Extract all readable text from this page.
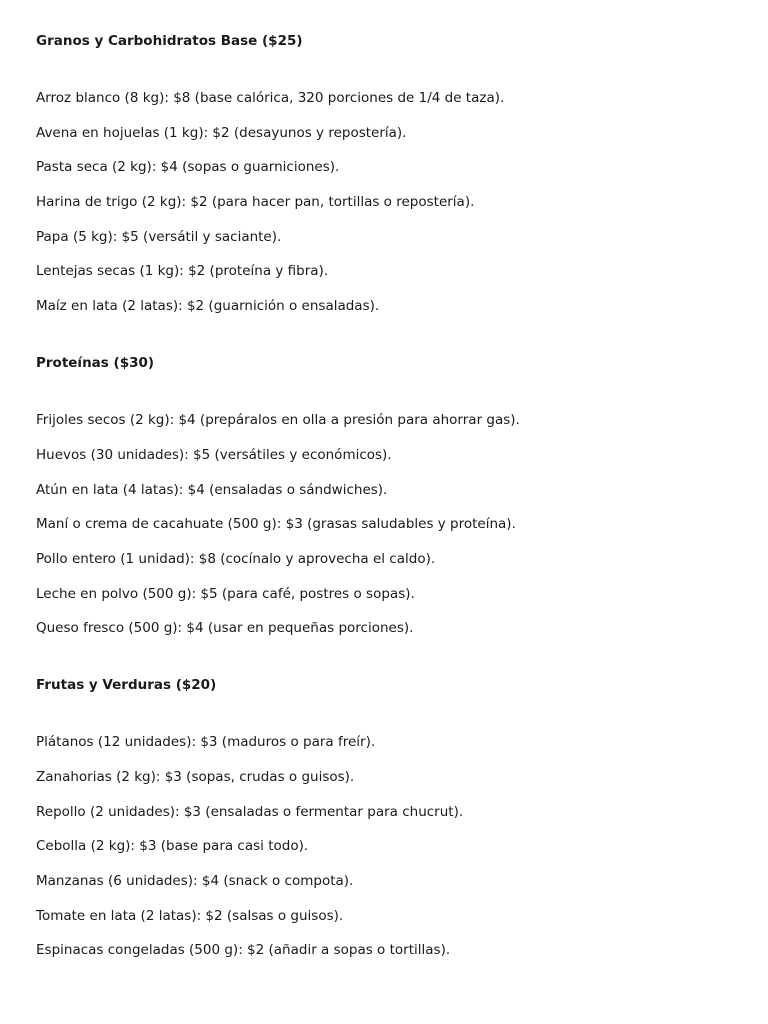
Granos y Carbohidratos Base ($25)
Arroz blanco (8 kg): $8 (base calórica, 320 porciones de 1/4 de taza).
Avena en hojuelas (1 kg): $2 (desayunos y repostería).
Pasta seca (2 kg): $4 (sopas o guarniciones).
Harina de trigo (2 kg): $2 (para hacer pan, tortillas o repostería).
Papa (5 kg): $5 (versátil y saciante).
Lentejas secas (1 kg): $2 (proteína y fibra).
Maíz en lata (2 latas): $2 (guarnición o ensaladas).
Proteínas ($30)
Frijoles secos (2 kg): $4 (prepáralos en olla a presión para ahorrar gas).
Huevos (30 unidades): $5 (versátiles y económicos).
Atún en lata (4 latas): $4 (ensaladas o sándwiches).
Maní o crema de cacahuate (500 g): $3 (grasas saludables y proteína).
Pollo entero (1 unidad): $8 (cocínalo y aprovecha el caldo).
Leche en polvo (500 g): $5 (para café, postres o sopas).
Queso fresco (500 g): $4 (usar en pequeñas porciones).
Frutas y Verduras ($20)
Plátanos (12 unidades): $3 (maduros o para freír).
Zanahorias (2 kg): $3 (sopas, crudas o guisos).
Repollo (2 unidades): $3 (ensaladas o fermentar para chucrut).
Cebolla (2 kg): $3 (base para casi todo).
Manzanas (6 unidades): $4 (snack o compota).
Tomate en lata (2 latas): $2 (salsas o guisos).
Espinacas congeladas (500 g): $2 (añadir a sopas o tortillas).
